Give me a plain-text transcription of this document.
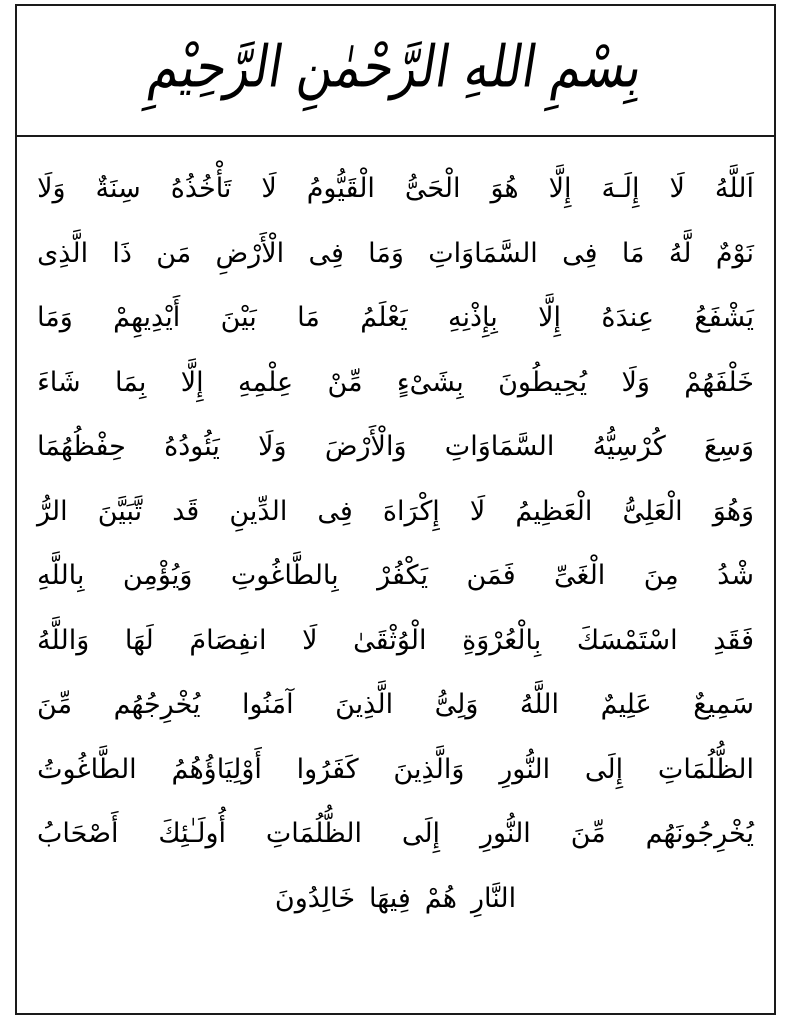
بِسْمِ اللهِ الرَّحْمٰنِ الرَّحِيْمِ
اَللَّهُ
لَا
إِلَـهَ
إِلَّا
هُوَ
الْحَىُّ
الْقَيُّومُ
لَا
تَأْخُذُهُ
سِنَةٌ
وَلَا
نَوْمٌ
لَّهُ
مَا
فِى
السَّمَاوَاتِ
وَمَا
فِى
الْأَرْضِ
مَن
ذَا
الَّذِى
يَشْفَعُ
عِندَهُ
إِلَّا
بِإِذْنِهِ
يَعْلَمُ
مَا
بَيْنَ
أَيْدِيهِمْ
وَمَا
خَلْفَهُمْ
وَلَا
يُحِيطُونَ
بِشَىْءٍ
مِّنْ
عِلْمِهِ
إِلَّا
بِمَا
شَاءَ
وَسِعَ
كُرْسِيُّهُ
السَّمَاوَاتِ
وَالْأَرْضَ
وَلَا
يَئُودُهُ
حِفْظُهُمَا
وَهُوَ
الْعَلِىُّ
الْعَظِيمُ
لَا
إِكْرَاهَ
فِى
الدِّينِ
قَد
تَّبَيَّنَ
الرُّ
شْدُ
مِنَ
الْغَىِّ
فَمَن
يَكْفُرْ
بِالطَّاغُوتِ
وَيُؤْمِن
بِاللَّهِ
فَقَدِ
اسْتَمْسَكَ
بِالْعُرْوَةِ
الْوُثْقَىٰ
لَا
انفِصَامَ
لَهَا
وَاللَّهُ
سَمِيعٌ
عَلِيمٌ
اللَّهُ
وَلِىُّ
الَّذِينَ
آمَنُوا
يُخْرِجُهُم
مِّنَ
الظُّلُمَاتِ
إِلَى
النُّورِ
وَالَّذِينَ
كَفَرُوا
أَوْلِيَاؤُهُمُ
الطَّاغُوتُ
يُخْرِجُونَهُم
مِّنَ
النُّورِ
إِلَى
الظُّلُمَاتِ
أُولَـٰئِكَ
أَصْحَابُ
النَّارِ
هُمْ
فِيهَا
خَالِدُونَ
